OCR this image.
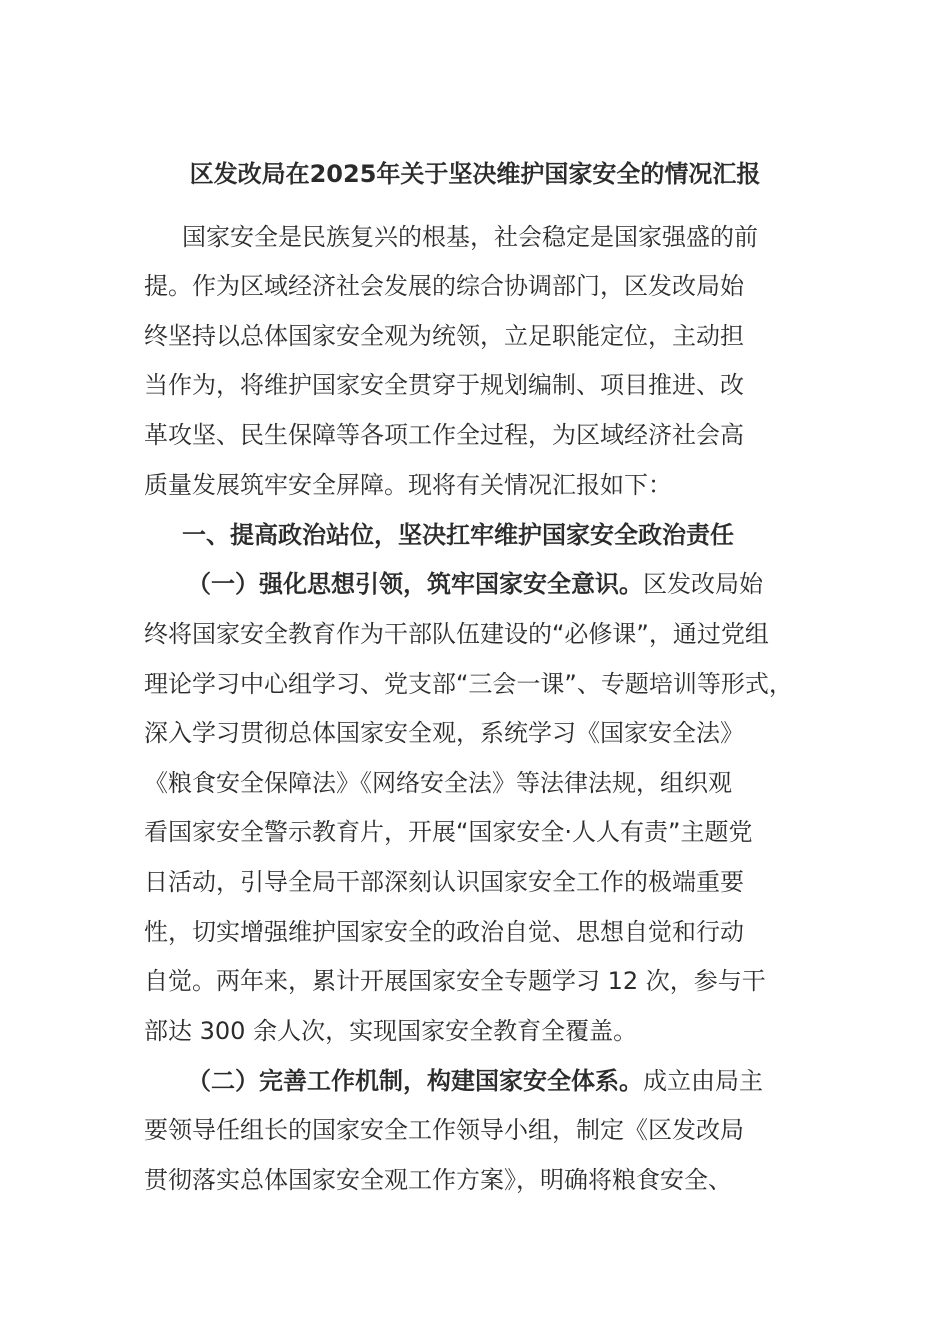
区发改局在2025年关于坚决维护国家安全的情况汇报
国家安全是民族复兴的根基，社会稳定是国家强盛的前
提。作为区域经济社会发展的综合协调部门，区发改局始
终坚持以总体国家安全观为统领，立足职能定位，主动担
当作为，将维护国家安全贯穿于规划编制、项目推进、改
革攻坚、民生保障等各项工作全过程，为区域经济社会高
质量发展筑牢安全屏障。现将有关情况汇报如下：
一、提高政治站位，坚决扛牢维护国家安全政治责任
（一）强化思想引领，筑牢国家安全意识。区发改局始
终将国家安全教育作为干部队伍建设的“必修课”，通过党组
理论学习中心组学习、党支部“三会一课”、专题培训等形式，
深入学习贯彻总体国家安全观，系统学习《国家安全法》
《粮食安全保障法》《网络安全法》等法律法规，组织观
看国家安全警示教育片，开展“国家安全·人人有责”主题党
日活动，引导全局干部深刻认识国家安全工作的极端重要
性，切实增强维护国家安全的政治自觉、思想自觉和行动
自觉。两年来，累计开展国家安全专题学习 12 次，参与干
部达 300 余人次，实现国家安全教育全覆盖。
（二）完善工作机制，构建国家安全体系。成立由局主
要领导任组长的国家安全工作领导小组，制定《区发改局
贯彻落实总体国家安全观工作方案》，明确将粮食安全、
